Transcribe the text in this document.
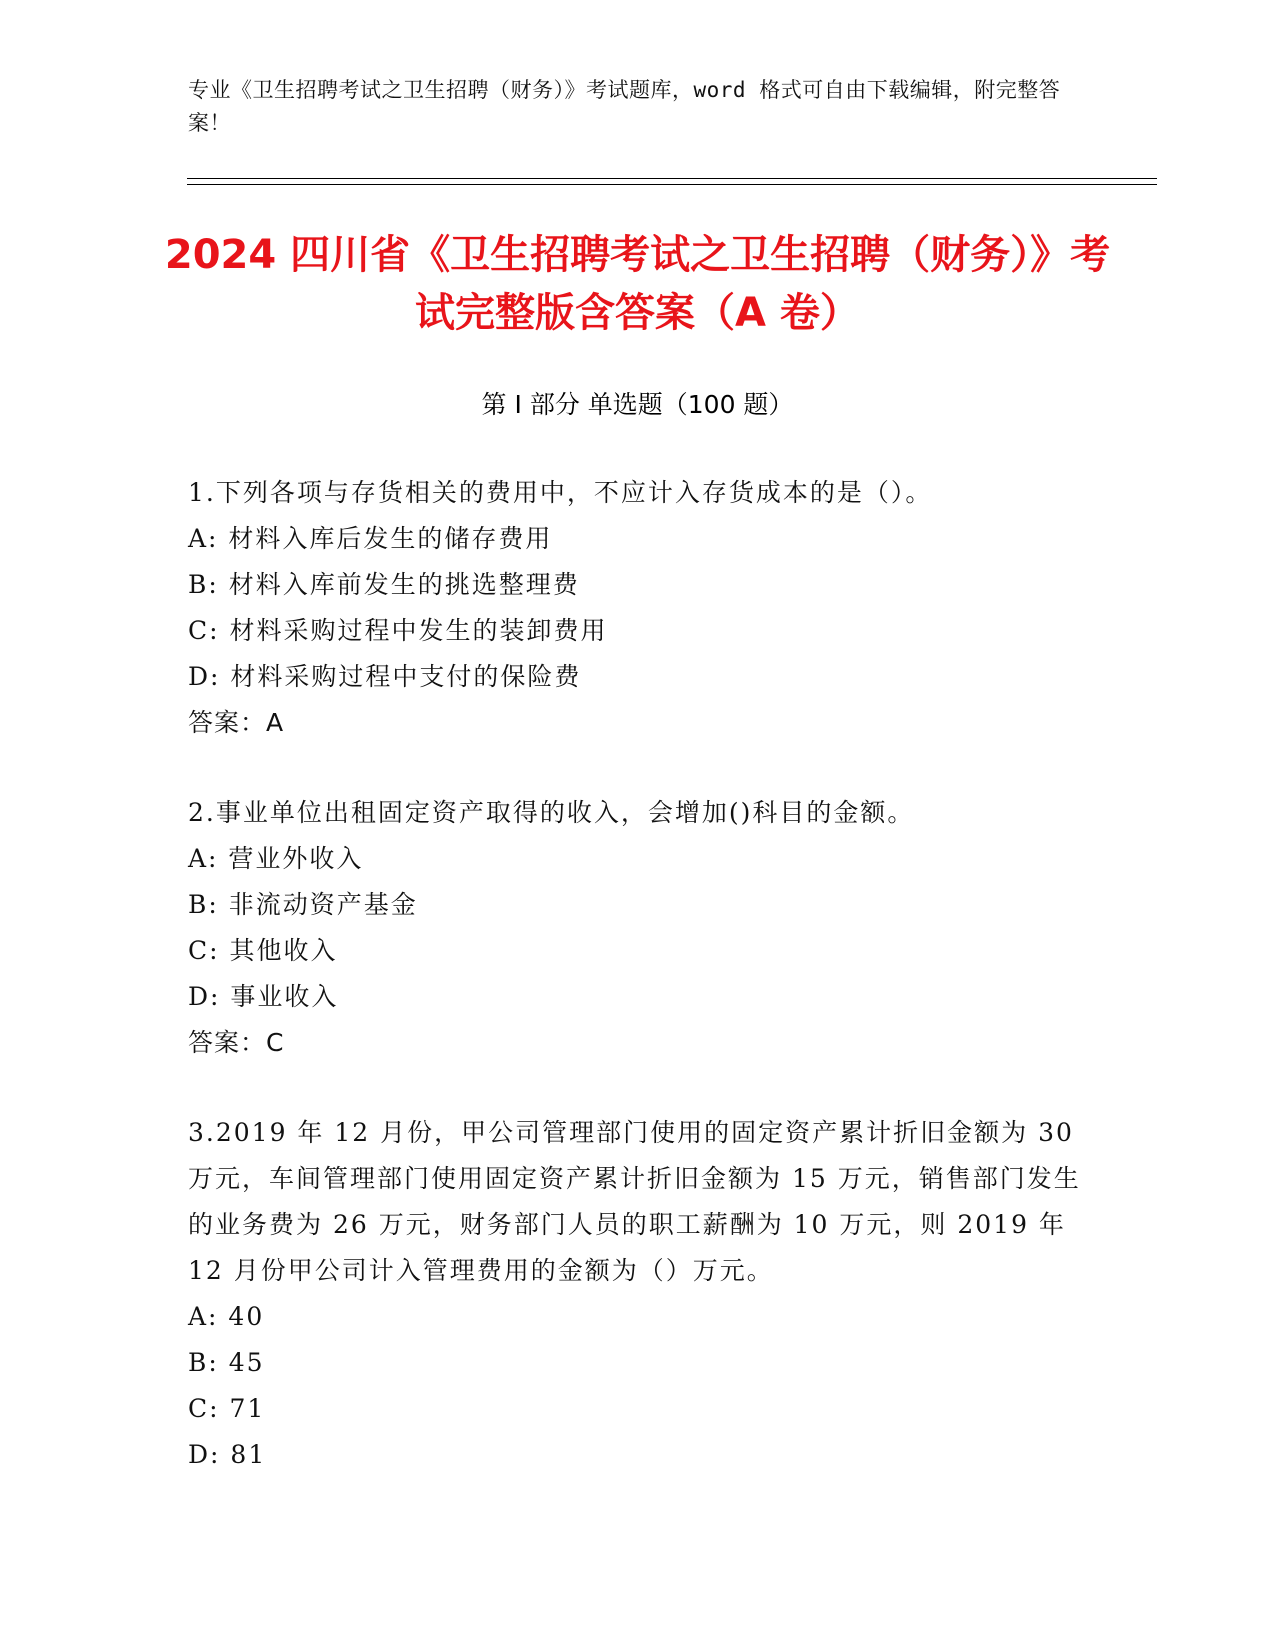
专业《卫生招聘考试之卫生招聘（财务）》考试题库，word 格式可自由下载编辑，附完整答案！
2024 四川省《卫生招聘考试之卫生招聘（财务）》考试完整版含答案（A 卷）
第 I 部分 单选题（100 题）

1.下列各项与存货相关的费用中，不应计入存货成本的是（）。

A: 材料入库后发生的储存费用

B: 材料入库前发生的挑选整理费

C: 材料采购过程中发生的装卸费用

D: 材料采购过程中支付的保险费

答案：A

2.事业单位出租固定资产取得的收入，会增加()科目的金额。

A: 营业外收入

B: 非流动资产基金

C: 其他收入

D: 事业收入

答案：C

3.2019 年 12 月份，甲公司管理部门使用的固定资产累计折旧金额为 30 万元，车间管理部门使用固定资产累计折旧金额为 15 万元，销售部门发生的业务费为 26 万元，财务部门人员的职工薪酬为 10 万元，则 2019 年 12 月份甲公司计入管理费用的金额为（）万元。

A: 40

B: 45

C: 71

D: 81
